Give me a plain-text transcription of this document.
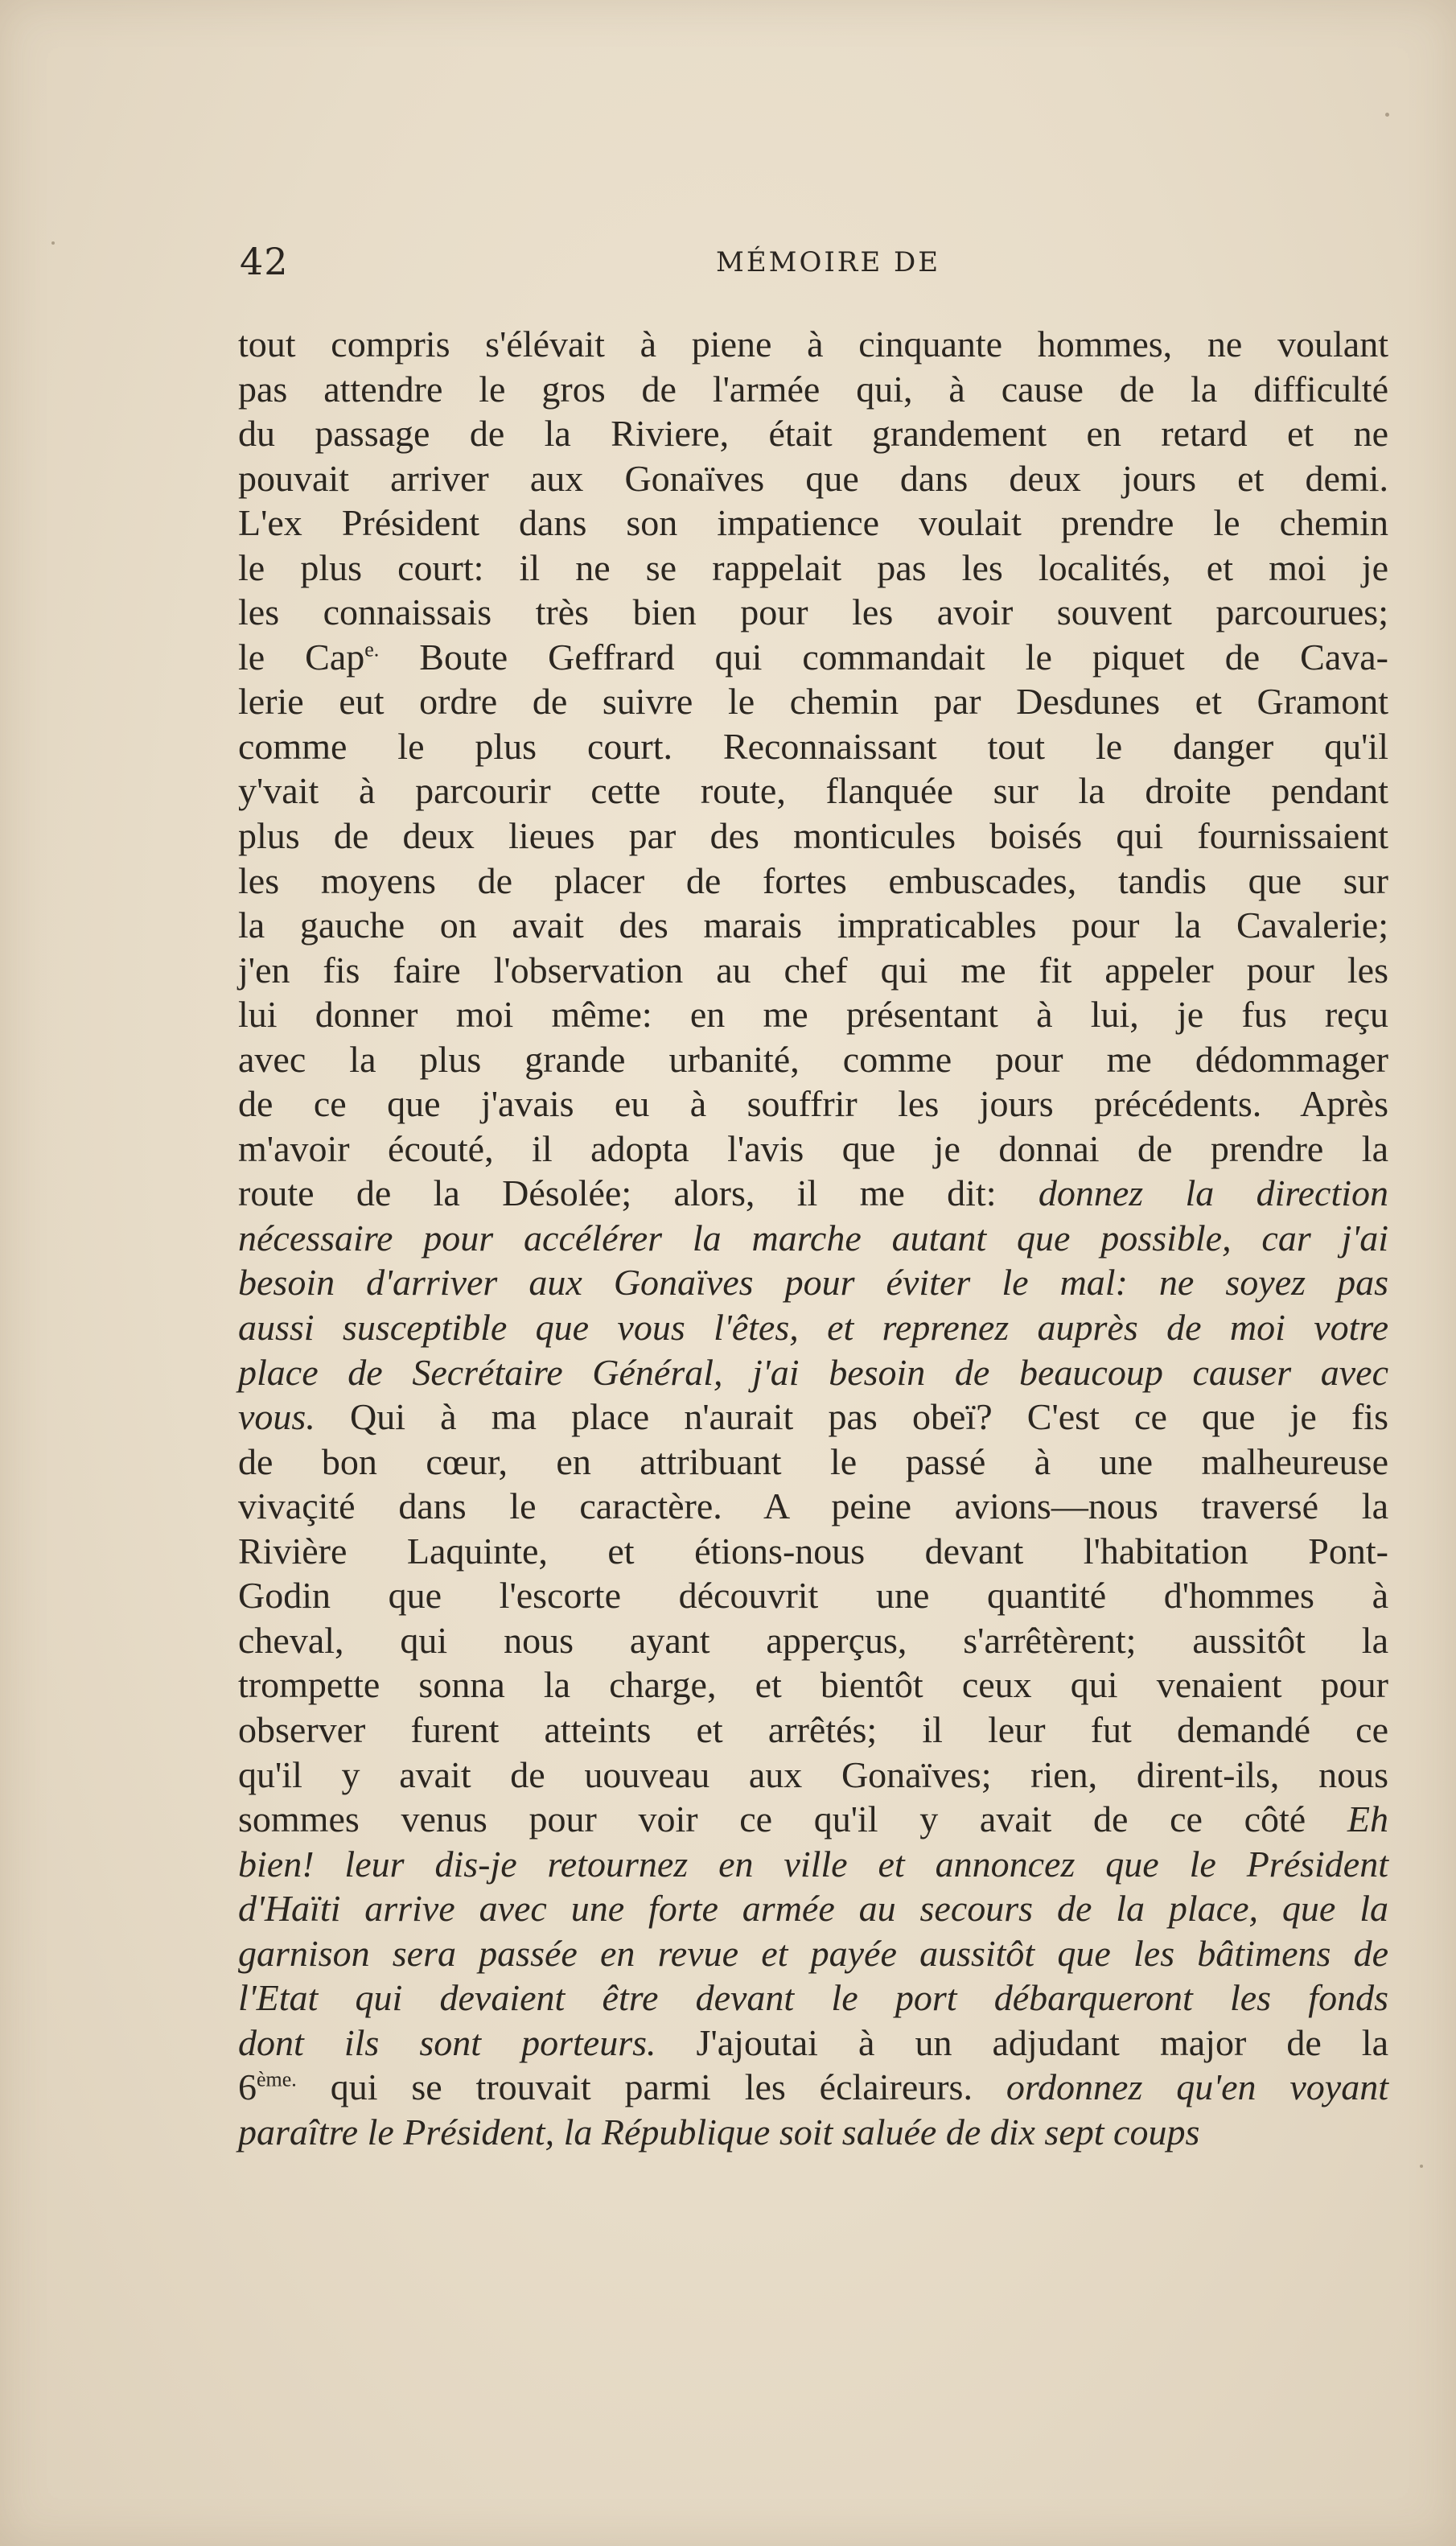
42	MÉMOIRE DE
tout compris s'élévait à piene à cinquante hommes, ne voulant
pas attendre le gros de l'armée qui, à cause de la difficulté
du passage de la Riviere, était grandement en retard et ne
pouvait arriver aux Gonaïves que dans deux jours et demi.
L'ex Président dans son impatience voulait prendre le chemin
le plus court: il ne se rappelait pas les localités, et moi je
les connaissais très bien pour les avoir souvent parcourues;
le Cap$^{e.}$ Boute Geffrard qui commandait le piquet de Cava-
lerie eut ordre de suivre le chemin par Desdunes et Gramont
comme le plus court. Reconnaissant tout le danger qu'il
y'vait à parcourir cette route, flanquée sur la droite pendant
plus de deux lieues par des monticules boisés qui fournissaient
les moyens de placer de fortes embuscades, tandis que sur
la gauche on avait des marais impraticables pour la Cavalerie;
j'en fis faire l'observation au chef qui me fit appeler pour les
lui donner moi même: en me présentant à lui, je fus reçu
avec la plus grande urbanité, comme pour me dédommager
de ce que j'avais eu à souffrir les jours précédents. Après
m'avoir écouté, il adopta l'avis que je donnai de prendre la
route de la Désolée; alors, il me dit: donnez la direction
nécessaire pour accélérer la marche autant que possible, car j'ai
besoin d'arriver aux Gonaïves pour éviter le mal: ne soyez pas
aussi susceptible que vous l'êtes, et reprenez auprès de moi votre
place de Secrétaire Général, j'ai besoin de beaucoup causer avec
vous. Qui à ma place n'aurait pas obeï? C'est ce que je fis
de bon cœur, en attribuant le passé à une malheureuse
vivaçité dans le caractère. A peine avions—nous traversé la
Rivière Laquinte, et étions-nous devant l'habitation Pont-
Godin que l'escorte découvrit une quantité d'hommes à
cheval, qui nous ayant apperçus, s'arrêtèrent; aussitôt la
trompette sonna la charge, et bientôt ceux qui venaient pour
observer furent atteints et arrêtés; il leur fut demandé ce
qu'il y avait de uouveau aux Gonaïves; rien, dirent-ils, nous
sommes venus pour voir ce qu'il y avait de ce côté Eh
bien! leur dis-je retournez en ville et annoncez que le Président
d'Haïti arrive avec une forte armée au secours de la place, que la
garnison sera passée en revue et payée aussitôt que les bâtimens de
l'Etat qui devaient être devant le port débarqueront les fonds
dont ils sont porteurs. J'ajoutai à un adjudant major de la
$6^{ème.}$ qui se trouvait parmi les éclaireurs. ordonnez qu'en voyant
paraître le Président, la République soit saluée de dix sept coups
